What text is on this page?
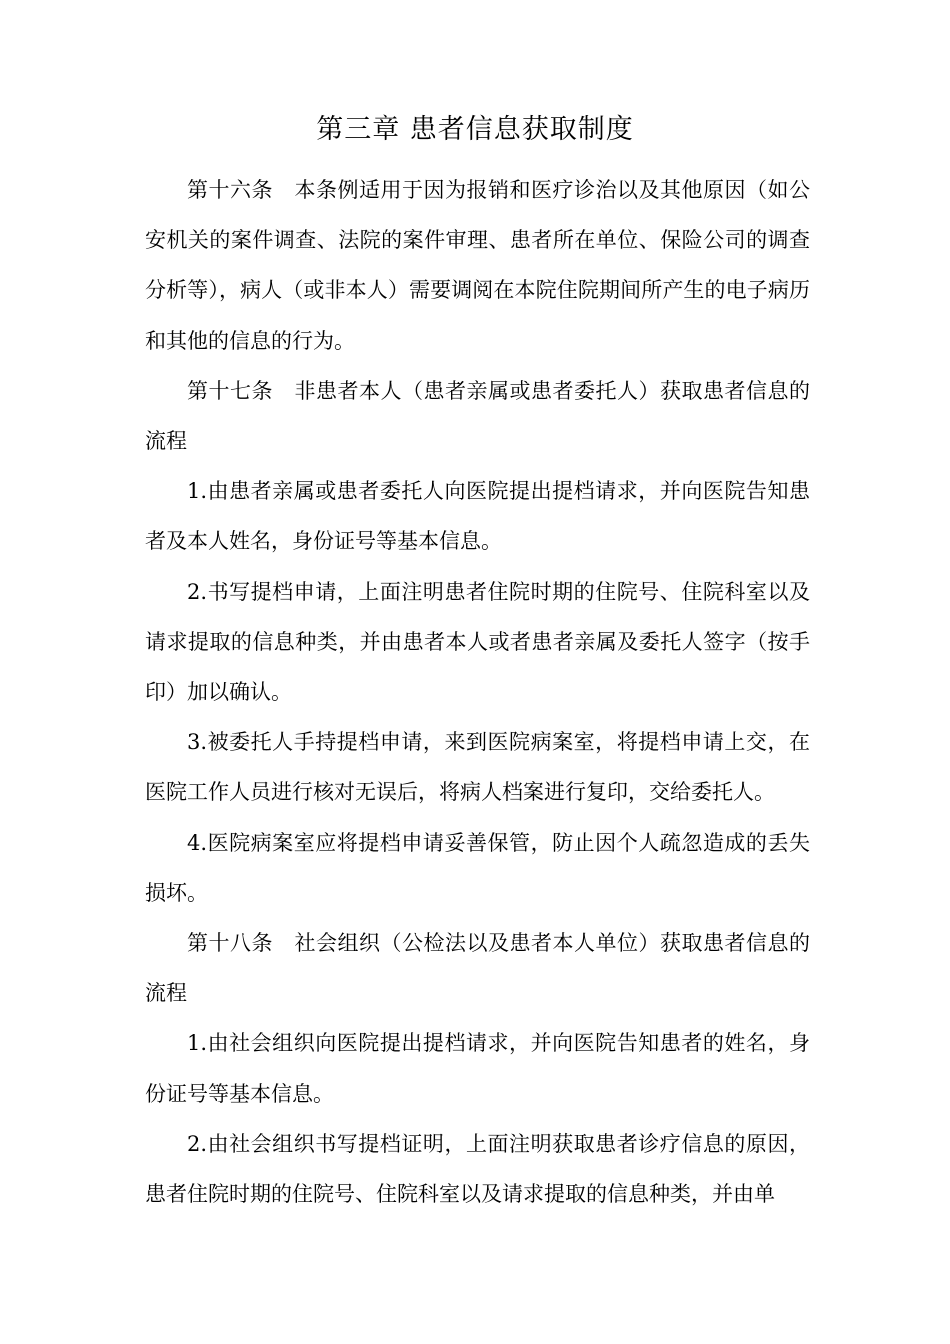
第三章 患者信息获取制度

第十六条　本条例适用于因为报销和医疗诊治以及其他原因（如公安机关的案件调查、法院的案件审理、患者所在单位、保险公司的调查分析等），病人（或非本人）需要调阅在本院住院期间所产生的电子病历和其他的信息的行为。

第十七条　非患者本人（患者亲属或患者委托人）获取患者信息的流程

1.由患者亲属或患者委托人向医院提出提档请求，并向医院告知患者及本人姓名，身份证号等基本信息。

2.书写提档申请，上面注明患者住院时期的住院号、住院科室以及请求提取的信息种类，并由患者本人或者患者亲属及委托人签字（按手印）加以确认。

3.被委托人手持提档申请，来到医院病案室，将提档申请上交，在医院工作人员进行核对无误后，将病人档案进行复印，交给委托人。

4.医院病案室应将提档申请妥善保管，防止因个人疏忽造成的丢失损坏。

第十八条　社会组织（公检法以及患者本人单位）获取患者信息的流程

1.由社会组织向医院提出提档请求，并向医院告知患者的姓名，身份证号等基本信息。

2.由社会组织书写提档证明，上面注明获取患者诊疗信息的原因，患者住院时期的住院号、住院科室以及请求提取的信息种类，并由单
